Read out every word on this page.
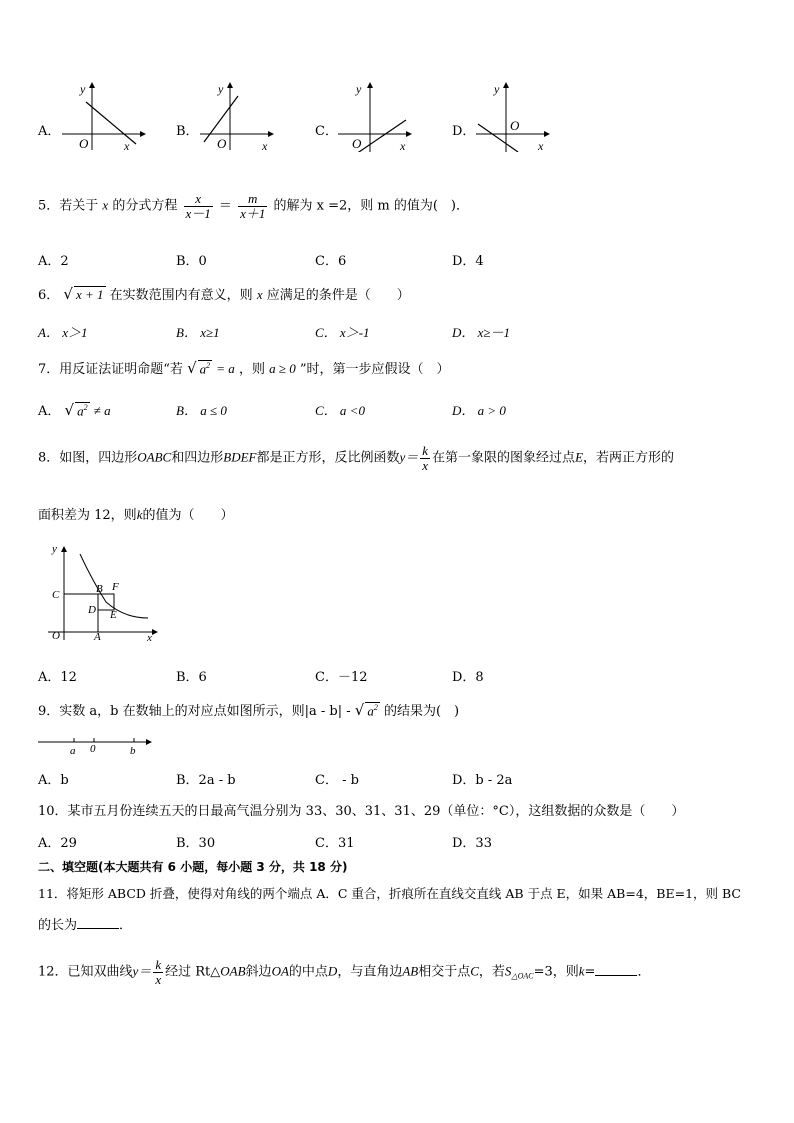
A．
O	x
y
B．
O	x
y
C．
O	x
y
D．	O
x
y
5．若关于 x 的分式方程 $\frac{x}{x-1} = \frac{m}{x+1}$ 的解为 x =2，则 m 的值为(　)．
A．2	B．0	C．6	D．4
6． √ x + 1 在实数范围内有意义，则 x 应满足的条件是（　　）
A． x＞1	B． x≥1	C． x＞-1	D． x≥－1
7．用反证法证明命题“若 √ $a^2 = a$ ，则 a ≥ 0 ”时，第一步应假设（　）
A． √ $a^2 \ne a$	B． a ≤ 0	C． a <0	D． a > 0
8．如图，四边形OABC和四边形BDEF都是正方形，反比例函数$y= \frac{k}{x}$ 在第一象限的图象经过点E，若两正方形的
面积差为 12，则k的值为（　　）
y
x
O	A
B
C
D E
F
A．12	B．6	C．－12	D．8
9．实数 a，b 在数轴上的对应点如图所示，则|a - b| - √ $a^2$ 的结果为(　)
a 0	b
A．b	B．2a - b	C． - b	D．b - 2a
10．某市五月份连续五天的日最高气温分别为 33、30、31、31、29（单位：°C），这组数据的众数是（　　）
A．29	B．30	C．31	D．33
二、填空题(本大题共有 6 小题，每小题 3 分，共 18 分)
11．将矩形 ABCD 折叠，使得对角线的两个端点 A．C 重合，折痕所在直线交直线 AB 于点 E，如果 AB=4，BE=1，则 BC
的长为	．
12．已知双曲线$y= \frac{k}{x}$ 经过 Rt△OAB斜边OA的中点D，与直角边AB相交于点C，若$S_{\triangle OAC}=3$，则k=	．
